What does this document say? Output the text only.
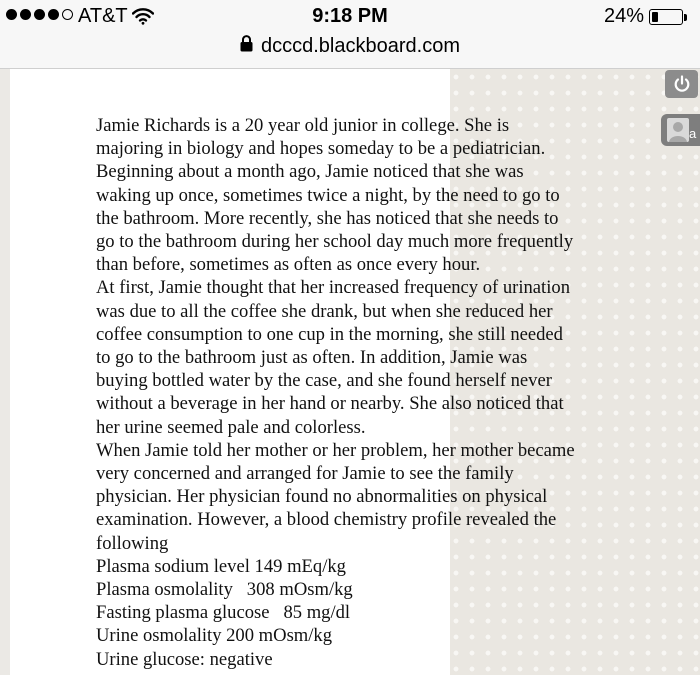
AT&T	9:18 PM	24%
dcccd.blackboard.com
Jamie Richards is a 20 year old junior in college. She is
majoring in biology and hopes someday to be a pediatrician.
Beginning about a month ago, Jamie noticed that she was
waking up once, sometimes twice a night, by the need to go to
the bathroom. More recently, she has noticed that she needs to
go to the bathroom during her school day much more frequently
than before, sometimes as often as once every hour.
At first, Jamie thought that her increased frequency of urination
was due to all the coffee she drank, but when she reduced her
coffee consumption to one cup in the morning, she still needed
to go to the bathroom just as often. In addition, Jamie was
buying bottled water by the case, and she found herself never
without a beverage in her hand or nearby. She also noticed that
her urine seemed pale and colorless.
When Jamie told her mother or her problem, her mother became
very concerned and arranged for Jamie to see the family
physician. Her physician found no abnormalities on physical
examination. However, a blood chemistry profile revealed the
following
Plasma sodium level 149 mEq/kg
Plasma osmolality   308 mOsm/kg
Fasting plasma glucose   85 mg/dl
Urine osmolality 200 mOsm/kg
Urine glucose: negative
a
